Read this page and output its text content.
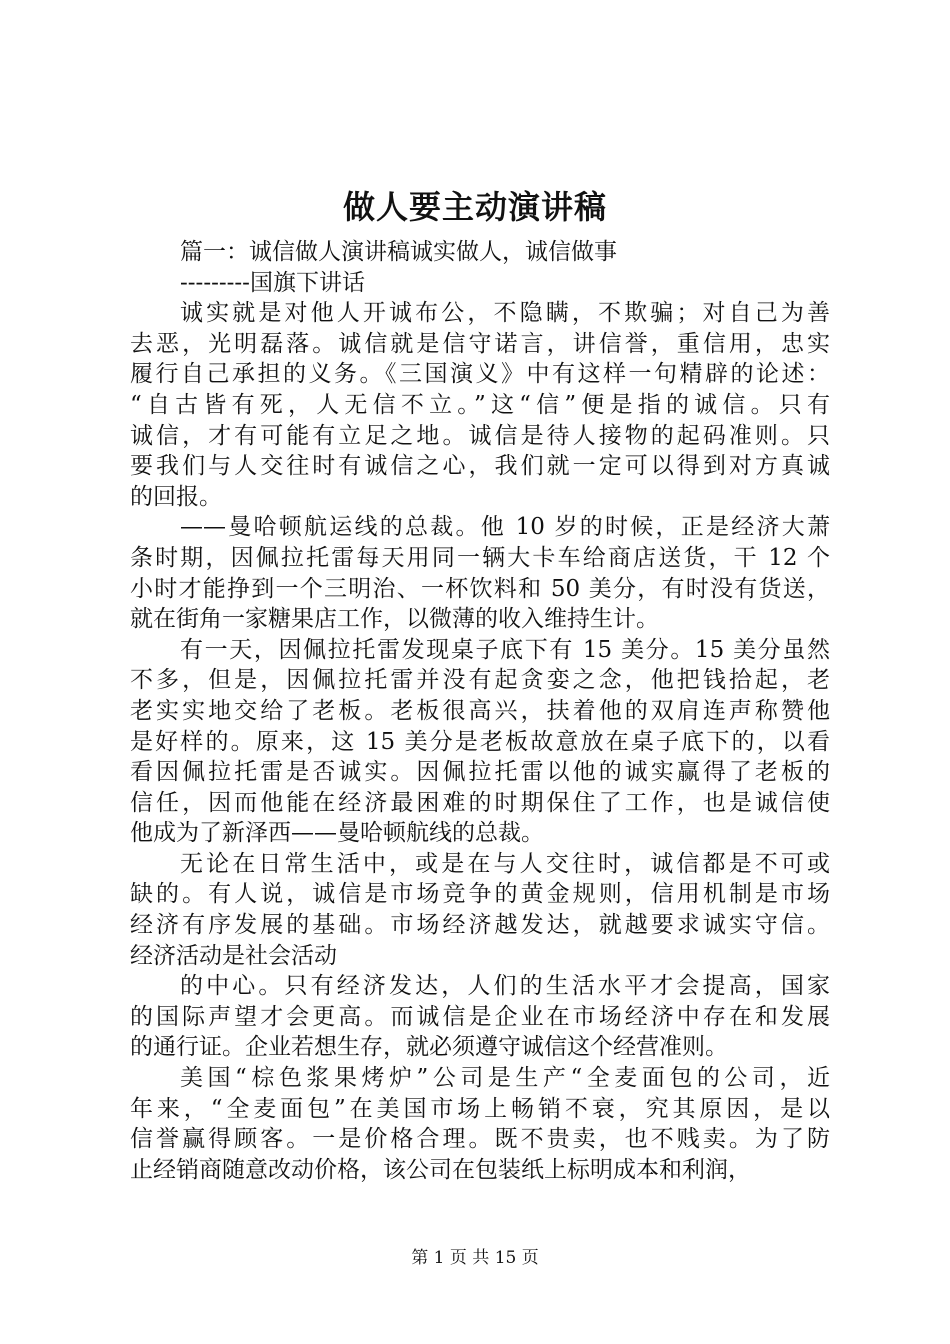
做人要主动演讲稿
篇一：诚信做人演讲稿诚实做人，诚信做事
---------国旗下讲话
诚实就是对他人开诚布公，不隐瞒，不欺骗；对自己为善
去恶，光明磊落。诚信就是信守诺言，讲信誉，重信用，忠实
履行自己承担的义务。《三国演义》中有这样一句精辟的论述：
“自古皆有死，人无信不立。”这“信”便是指的诚信。只有
诚信，才有可能有立足之地。诚信是待人接物的起码准则。只
要我们与人交往时有诚信之心，我们就一定可以得到对方真诚
的回报。
——曼哈顿航运线的总裁。他 10 岁的时候，正是经济大萧
条时期，因佩拉托雷每天用同一辆大卡车给商店送货，干 12 个
小时才能挣到一个三明治、一杯饮料和 50 美分，有时没有货送，
就在街角一家糖果店工作，以微薄的收入维持生计。
有一天，因佩拉托雷发现桌子底下有 15 美分。15 美分虽然
不多，但是，因佩拉托雷并没有起贪娈之念，他把钱拾起，老
老实实地交给了老板。老板很高兴，扶着他的双肩连声称赞他
是好样的。原来，这 15 美分是老板故意放在桌子底下的，以看
看因佩拉托雷是否诚实。因佩拉托雷以他的诚实赢得了老板的
信任，因而他能在经济最困难的时期保住了工作，也是诚信使
他成为了新泽西——曼哈顿航线的总裁。
无论在日常生活中，或是在与人交往时，诚信都是不可或
缺的。有人说，诚信是市场竞争的黄金规则，信用机制是市场
经济有序发展的基础。市场经济越发达，就越要求诚实守信。
经济活动是社会活动
的中心。只有经济发达，人们的生活水平才会提高，国家
的国际声望才会更高。而诚信是企业在市场经济中存在和发展
的通行证。企业若想生存，就必须遵守诚信这个经营准则。
美国“棕色浆果烤炉”公司是生产“全麦面包的公司，近
年来，“全麦面包”在美国市场上畅销不衰，究其原因，是以
信誉赢得顾客。一是价格合理。既不贵卖，也不贱卖。为了防
止经销商随意改动价格，该公司在包装纸上标明成本和利润，
第 1 页 共 15 页
